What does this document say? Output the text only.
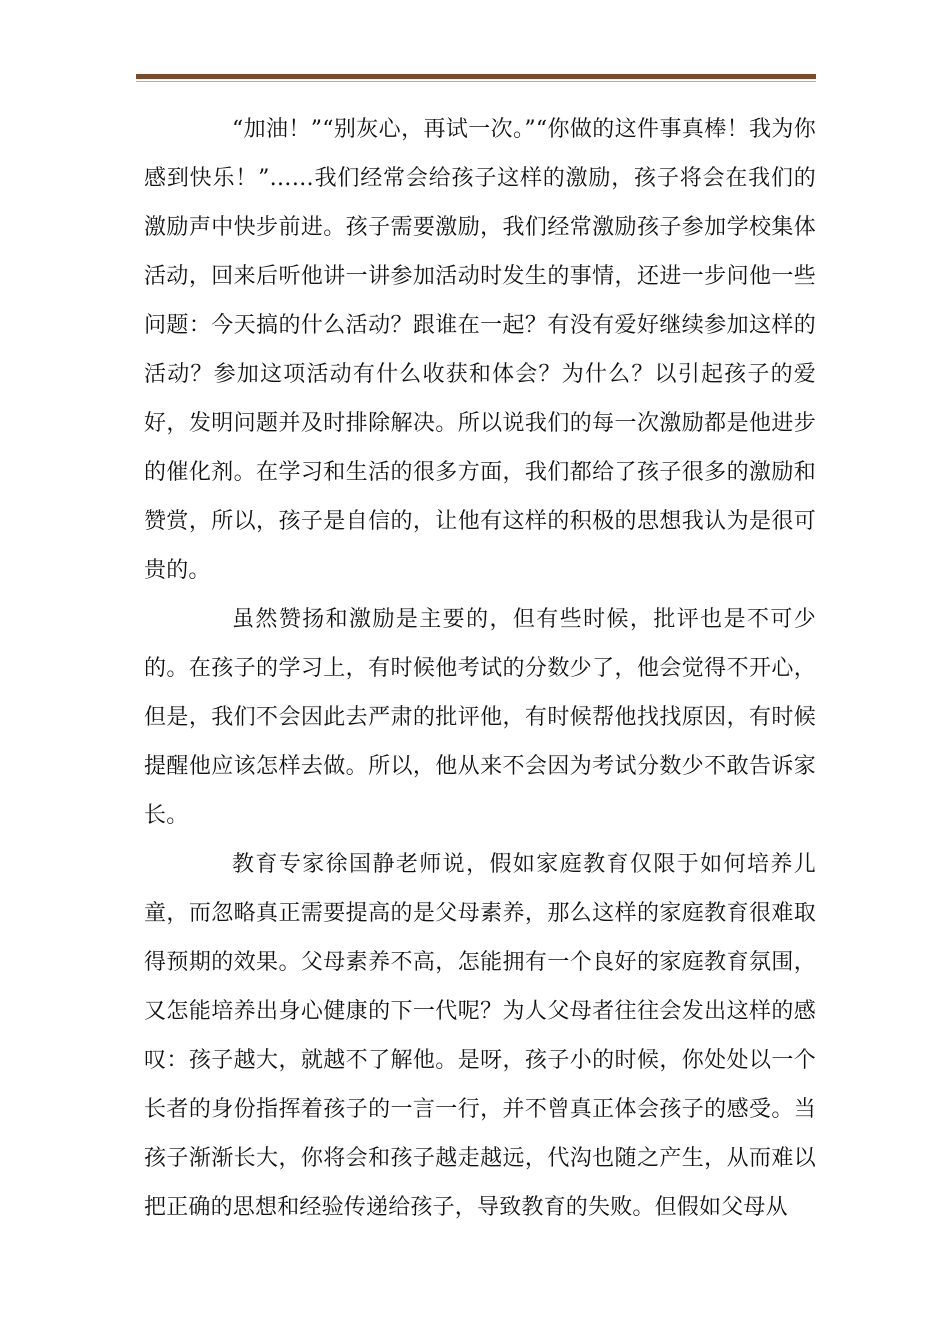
“加油！”“别灰心，再试一次。”“你做的这件事真棒！我为你感到快乐！”……我们经常会给孩子这样的激励，孩子将会在我们的激励声中快步前进。孩子需要激励，我们经常激励孩子参加学校集体活动，回来后听他讲一讲参加活动时发生的事情，还进一步问他一些问题：今天搞的什么活动？跟谁在一起？有没有爱好继续参加这样的活动？参加这项活动有什么收获和体会？为什么？以引起孩子的爱好，发明问题并及时排除解决。所以说我们的每一次激励都是他进步的催化剂。在学习和生活的很多方面，我们都给了孩子很多的激励和赞赏，所以，孩子是自信的，让他有这样的积极的思想我认为是很可贵的。

虽然赞扬和激励是主要的，但有些时候，批评也是不可少的。在孩子的学习上，有时候他考试的分数少了，他会觉得不开心，但是，我们不会因此去严肃的批评他，有时候帮他找找原因，有时候提醒他应该怎样去做。所以，他从来不会因为考试分数少不敢告诉家长。

教育专家徐国静老师说，假如家庭教育仅限于如何培养儿童，而忽略真正需要提高的是父母素养，那么这样的家庭教育很难取得预期的效果。父母素养不高，怎能拥有一个良好的家庭教育氛围，又怎能培养出身心健康的下一代呢？为人父母者往往会发出这样的感叹：孩子越大，就越不了解他。是呀，孩子小的时候，你处处以一个长者的身份指挥着孩子的一言一行，并不曾真正体会孩子的感受。当孩子渐渐长大，你将会和孩子越走越远，代沟也随之产生，从而难以把正确的思想和经验传递给孩子，导致教育的失败。但假如父母从
